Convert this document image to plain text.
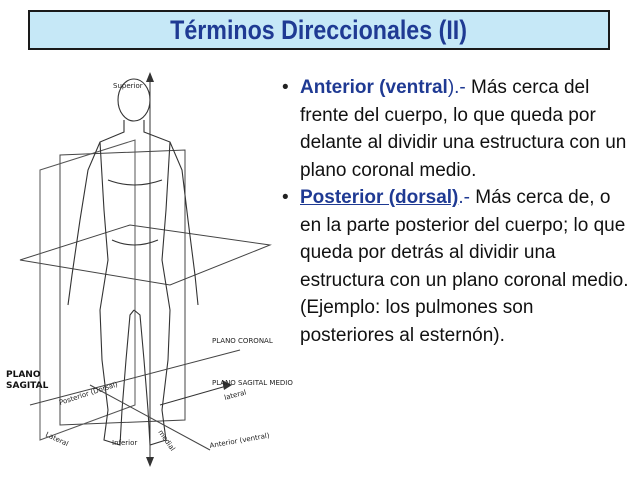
Términos Direccionales (II)
Superior
PLANO CORONAL
PLANO
SAGITAL	PLANO SAGITAL MEDIO
Posterior (Dorsal)	lateral
medial
Lateral	Inferior	Anterior (ventral)
• Anterior (ventral).- Más cerca del frente del cuerpo, lo que queda por delante al dividir una estructura con un plano coronal medio.
• Posterior (dorsal).- Más cerca de, o en la parte posterior del cuerpo; lo que queda por detrás al dividir una estructura con un plano coronal medio. (Ejemplo: los pulmones son posteriores al esternón).
